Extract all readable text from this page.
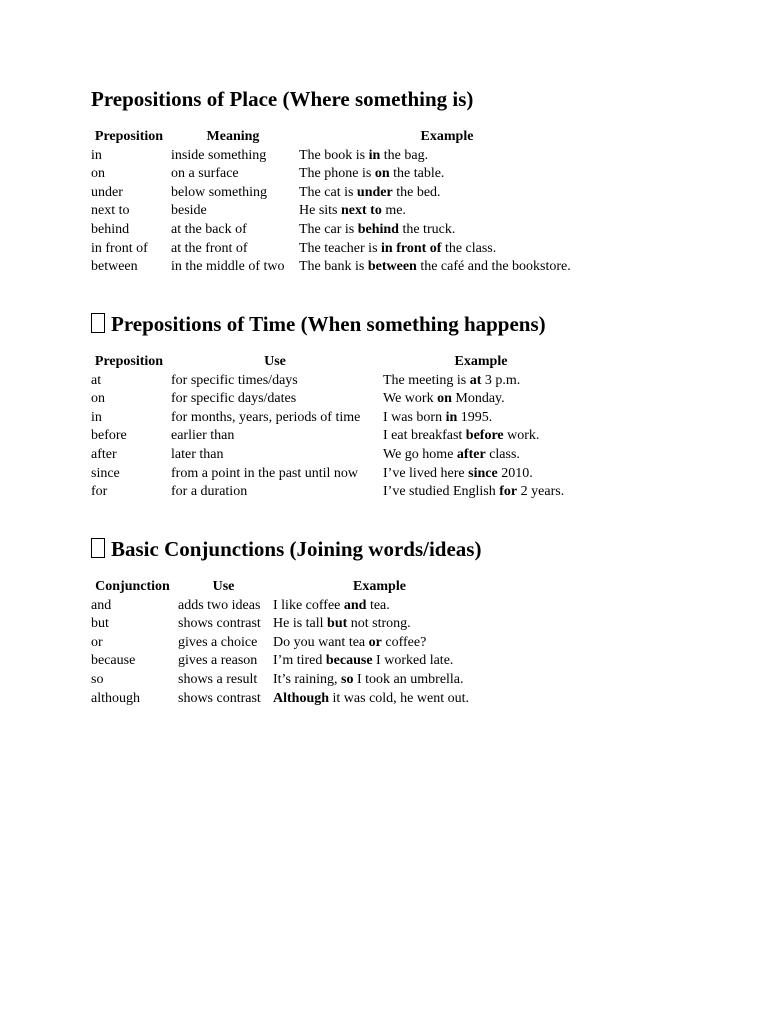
Prepositions of Place (Where something is)
Preposition	Meaning	Example
in	inside something	The book is in the bag.
on	on a surface	The phone is on the table.
under	below something	The cat is under the bed.
next to	beside	He sits next to me.
behind	at the back of	The car is behind the truck.
in front of	at the front of	The teacher is in front of the class.
between	in the middle of two	The bank is between the café and the bookstore.
Prepositions of Time (When something happens)
Preposition	Use	Example
at	for specific times/days	The meeting is at 3 p.m.
on	for specific days/dates	We work on Monday.
in	for months, years, periods of time	I was born in 1995.
before	earlier than	I eat breakfast before work.
after	later than	We go home after class.
since	from a point in the past until now	I’ve lived here since 2010.
for	for a duration	I’ve studied English for 2 years.
Basic Conjunctions (Joining words/ideas)
Conjunction	Use	Example
and	adds two ideas	I like coffee and tea.
but	shows contrast	He is tall but not strong.
or	gives a choice	Do you want tea or coffee?
because	gives a reason	I’m tired because I worked late.
so	shows a result	It’s raining, so I took an umbrella.
although	shows contrast	Although it was cold, he went out.
